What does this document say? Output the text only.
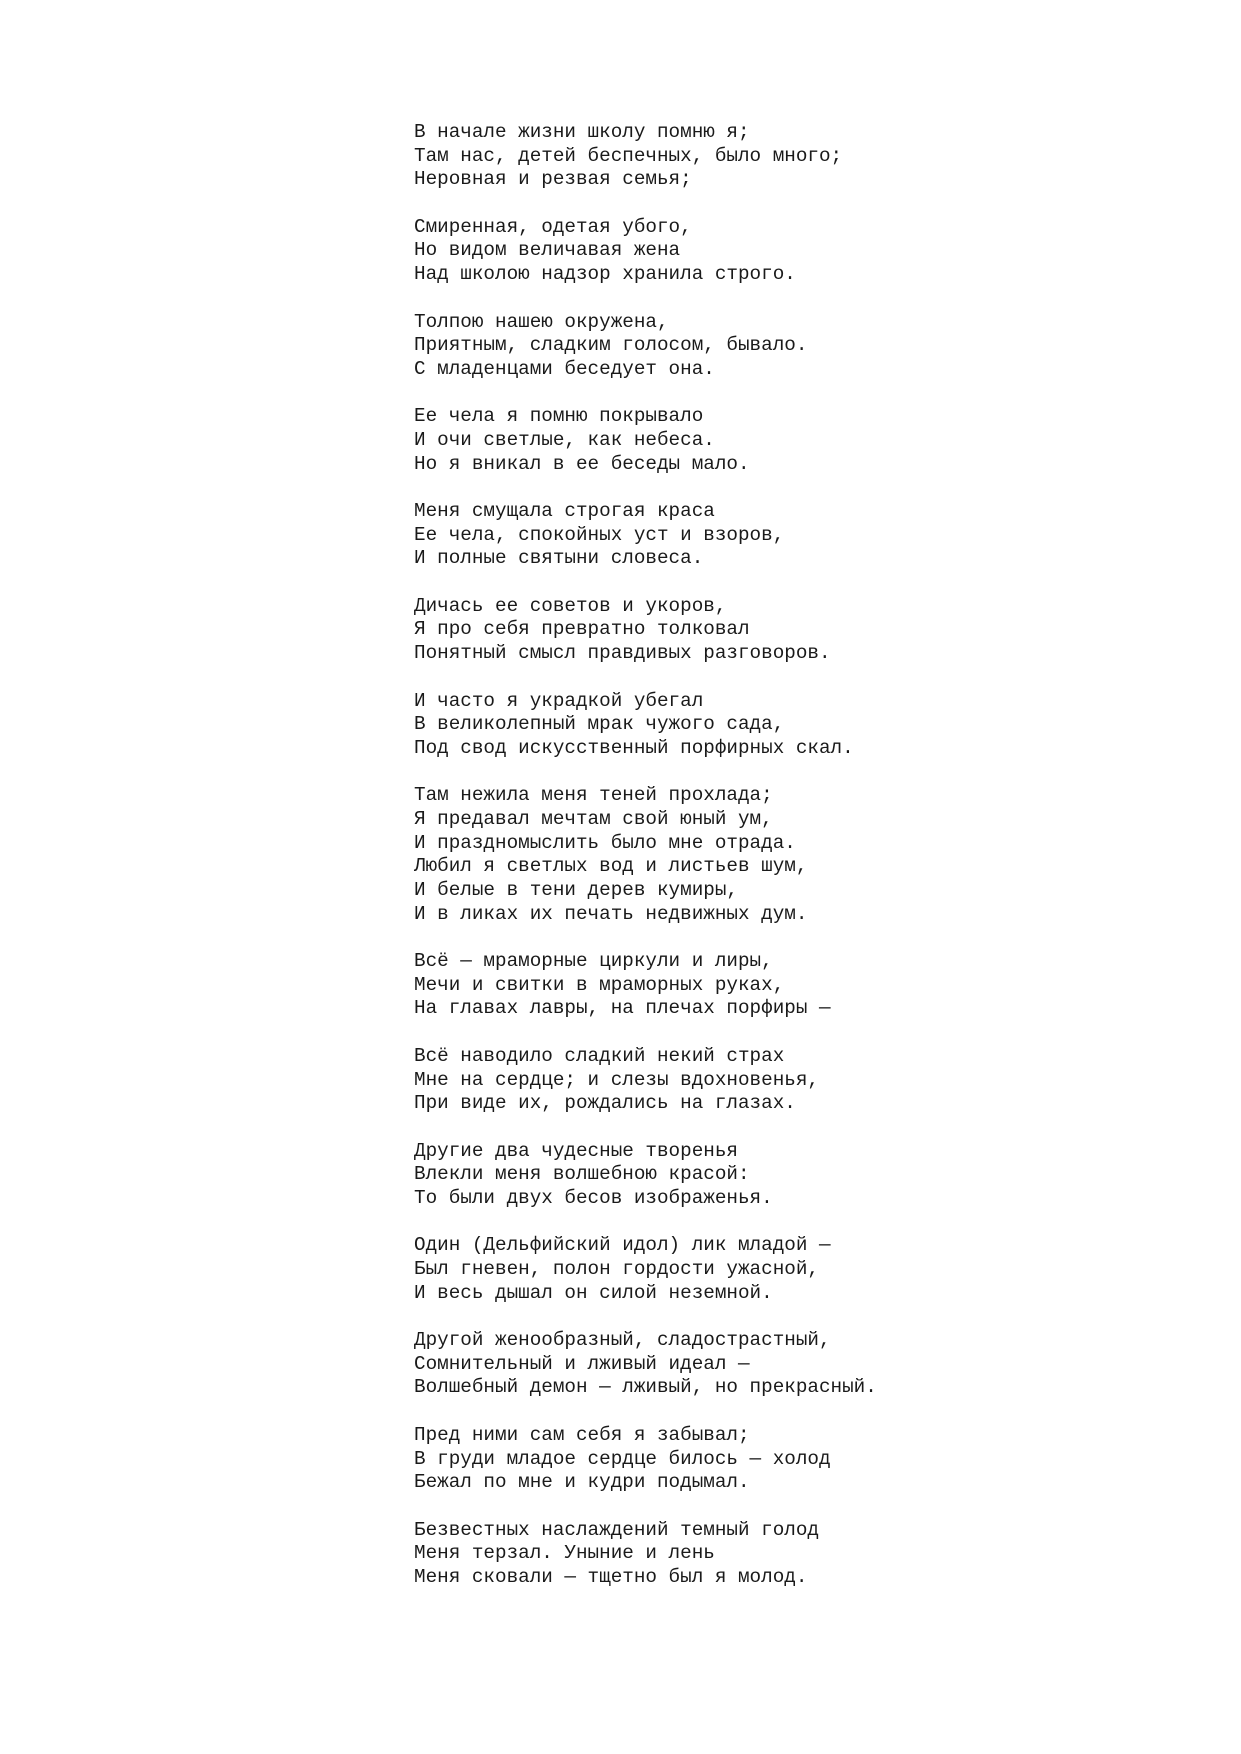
В начале жизни школу помню я;
Там нас, детей беспечных, было много;
Неровная и резвая семья;
Смиренная, одетая убого,
Но видом величавая жена
Над школою надзор хранила строго.
Толпою нашею окружена,
Приятным, сладким голосом, бывало.
С младенцами беседует она.
Ее чела я помню покрывало
И очи светлые, как небеса.
Но я вникал в ее беседы мало.
Меня смущала строгая краса
Ее чела, спокойных уст и взоров,
И полные святыни словеса.
Дичась ее советов и укоров,
Я про себя превратно толковал
Понятный смысл правдивых разговоров.
И часто я украдкой убегал
В великолепный мрак чужого сада,
Под свод искусственный порфирных скал.
Там нежила меня теней прохлада;
Я предавал мечтам свой юный ум,
И праздномыслить было мне отрада.
Любил я светлых вод и листьев шум,
И белые в тени дерев кумиры,
И в ликах их печать недвижных дум.
Всё — мраморные циркули и лиры,
Мечи и свитки в мраморных руках,
На главах лавры, на плечах порфиры —
Всё наводило сладкий некий страх
Мне на сердце; и слезы вдохновенья,
При виде их, рождались на глазах.
Другие два чудесные творенья
Влекли меня волшебною красой:
То были двух бесов изображенья.
Один (Дельфийский идол) лик младой —
Был гневен, полон гордости ужасной,
И весь дышал он силой неземной.
Другой женообразный, сладострастный,
Сомнительный и лживый идеал —
Волшебный демон — лживый, но прекрасный.
Пред ними сам себя я забывал;
В груди младое сердце билось — холод
Бежал по мне и кудри подымал.
Безвестных наслаждений темный голод
Меня терзал. Уныние и лень
Меня сковали — тщетно был я молод.
